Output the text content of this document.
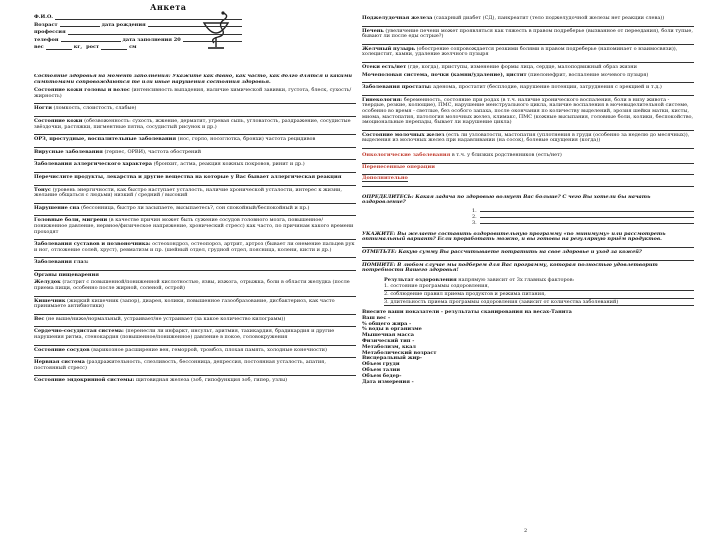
Анкета
Ф.И.О.
Возраст	дата рождения
профессия
телефон	дата заполнения 20
вес	кг, рост	см
Состояние здоровья на момент заполнения: Укажите как давно, как часто, как долго длятся и какими симптомами сопровождаются те или иные нарушения состояния здоровья.
Состояние кожи головы и волос (интенсивность выпадения, наличие химической завивки, густота, блеск, сухость/жирность)
Ногти (ломкость, слоистость, слабые)
Состояние кожи (обезвоженность: сухость, жжение, дерматит, угревая сыпь, угловатость, раздражение, сосудистые звёздочки, растяжки, пигментные пятна, сосудистый рисунок и др.)
ОРЗ, простудные, воспалительные заболевания (нос, горло, носоглотка, бронхи) частота рецидивов
Вирусные заболевания (герпес, ОРВИ), частота обострений
Заболевания аллергического характера (бронхит, астма, реакция кожных покровов, ринит и др.)
Перечислите продукты, лекарства и другие вещества на которые у Вас бывает аллергическая реакция
Тонус (уровень энергичности, как быстро наступает усталость, наличие хронической усталости, интерес к жизни, желание общаться с людьми) низкий / средний / высокий
Нарушение сна (бессонница, быстро ли засыпаете, высыпаетесь?, сон спокойный/беспокойный и пр.)
Головные боли, мигрени (в качестве причин может быть сужение сосудов головного мозга, повышенное/пониженное давление, нервное/физическое напряжение, хронический стресс) как часто, по причинам какого времени проходят
Заболевания суставов и позвоночника: остеохондроз, остеопороз, артрит, артроз (бывает ли онемение пальцев рук и ног, отложение солей, хруст), ревматизм и пр. (шейный отдел, грудной отдел, поясница, колени, кисти и др.)
Заболевания глаз:
Органы пищеварения
Желудок (гастрит с повышенной/пониженной кислотностью, язвы, изжога, отрыжка, боли в области желудка (после приема пищи, особенно после жирной, соленой, острой)
Кишечник (жидкий кишечник (запор), диарея, колики, повышенное газообразование, дисбактериоз, как часто принимаете антибиотики)
Вес (не выше/ниже/нормальный, устраивает/не устраивает (за какое количество килограмм))
Сердечно-сосудистая система: (перенесли ли инфаркт, инсульт, аритмия, тахикардия, брадикардия и другие нарушения ритма, стенокардия (повышенное/пониженное) давление в покое, головокружения
Состояние сосудов (варикозное расширение вен, геморрой, тромбоз, плохая память, холодные конечности)
Нервная система (раздражительность, слезливость, бессонница, депрессия, постоянная усталость, апатия, постоянный стресс)
Состояние эндокринной системы: щитовидная железа (зоб, гипофункция зоб, гипер, узлы)
Поджелудочная железа (сахарный диабет (СД), панкреатит (тело поджелудочной железы нет реакции слева))
Печень (увеличение печени может проявляться как тяжесть в правом подреберье (вызванное от переедания), боли тупые, бывают ли после еды острые?)
Желчный пузырь (обострение сопровождается резкими болями в правом подреберье (напоминает о взаимосвязи)), холецистит, камни, удаление желчного пузыря
Отеки есть/нет (где, когда), приступы, изменение формы лица, сердце, малоподвижный образ жизни
Мочеполовая система, почки (камни/удаление), цистит (пиелонефрит, воспаление мочевого пузыря)
Заболевания простаты: аденома, простатит (бесплодие, нарушение потенции, затруднения с эрекцией и т.д.)
Гинекология: беременность, состояние при родах (в т.ч. наличие хронического воспаления, боли в низу живота - твердые, резкие, колющие), ПМС, нарушение менструального цикла, наличие воспаления в мочевыделительной системе, особенно во время - светлые, без особого запаха, после окончания по количеству выделений, эрозия шейки матки, кисты, миома, мастопатия, патология молочных желез, климакс, ПМС (кожные высыпания, головные боли, колики, беспокойство, эмоциональные перепады, бывает ли нарушение цикла)
Состояние молочных желез (есть ли узловатости, мастопатия (уплотнения в груди (особенно за неделю до месячных)), выделения из молочных желез при надавливании (на сосок), болевые ощущения (когда))
Онкологические заболевания в т.ч. у близких родственников (есть/нет)
Перенесенные операции
Дополнительно
ОПРЕДЕЛИТЕСЬ: Какая задача по здоровью волнует Вас больше? С чего Вы хотели бы начать оздоровление?
1.
2.
3.
УКАЖИТЕ: Вы желаете составить оздоровительную программу «по минимуму» или рассмотреть оптимальный вариант? Если проработать можно, и вы готовы на регулярную приём продуктов.
ОТМЕТЬТЕ: Какую сумму Вы рассчитываете потратить на свое здоровье и уход за кожей?
ПОМНИТЕ: В любом случае мы подберем для Вас программу, которая полностью удовлетворит потребности Вашего здоровья!
Результат оздоровления напрямую зависит от 3х главных факторов:
1. состояние программы оздоровления,
2. соблюдение правил приема продуктов и режима питания,
3. длительность приема программы оздоровления (зависит от количества заболеваний)
Внесите ваши показатели - результаты сканирования на весах-Танита
Ваш вес -
% общего жира -
% воды в организме
Мышечная масса
Физический тип -
Метаболизм, ккал
Метаболический возраст
Висцеральный жир-
Объем груди
Объем талии
Объем бедер-
Дата измерения -
2
